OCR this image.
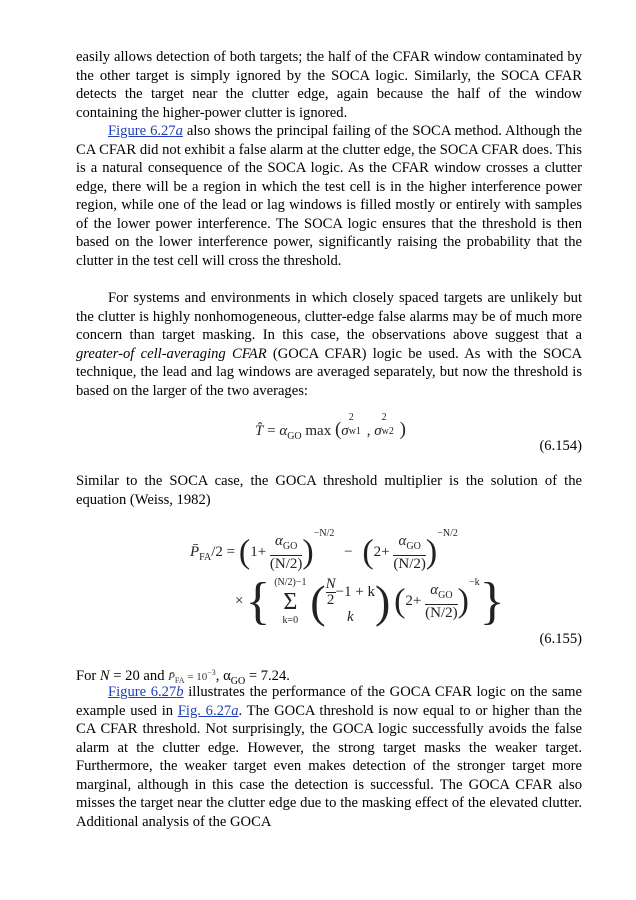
easily allows detection of both targets; the half of the CFAR window contaminated by the other target is simply ignored by the SOCA logic. Similarly, the SOCA CFAR detects the target near the clutter edge, again because the half of the window containing the higher-power clutter is ignored.

Figure 6.27a also shows the principal failing of the SOCA method. Although the CA CFAR did not exhibit a false alarm at the clutter edge, the SOCA CFAR does. This is a natural consequence of the SOCA logic. As the CFAR window crosses a clutter edge, there will be a region in which the test cell is in the higher interference power region, while one of the lead or lag windows is filled mostly or entirely with samples of the lower power interference. The SOCA logic ensures that the threshold is then based on the lower interference power, significantly raising the probability that the clutter in the test cell will cross the threshold.

For systems and environments in which closely spaced targets are unlikely but the clutter is highly nonhomogeneous, clutter-edge false alarms may be of much more concern than target masking. In this case, the observations above suggest that a greater-of cell-averaging CFAR (GOCA CFAR) logic be used. As with the SOCA technique, the lead and lag windows are averaged separately, but now the threshold is based on the larger of the two averages:

T̂ = $\alpha_{GO}$ max (σ
2
w1 , σ
2
w2 )
(6.154)

Similar to the SOCA case, the GOCA threshold multiplier is the solution of the equation (Weiss, 1982)

$P̄_{FA}/2 = (1+ \frac{\alpha_{GO}}{(N/2)} )^{-N/2} - (2+ \frac{\alpha_{GO}}{(N/2)} )^{-N/2}$
×{ (N/2)−1
Σ
k=0 ( $\frac{N}{2} -1 + k$
k ) $(2+ \frac{\alpha_{GO}}{(N/2)} )^{-k}$}
(6.155)

For N = 20 and $P̄_{FA} = 10^{-3}$, $\alpha_{GO} = 7.24$.

Figure 6.27b illustrates the performance of the GOCA CFAR logic on the same example used in Fig. 6.27a. The GOCA threshold is now equal to or higher than the CA CFAR threshold. Not surprisingly, the GOCA logic successfully avoids the false alarm at the clutter edge. However, the strong target masks the weaker target. Furthermore, the weaker target even makes detection of the stronger target more marginal, although in this case the detection is successful. The GOCA CFAR also misses the target near the clutter edge due to the masking effect of the elevated clutter. Additional analysis of the GOCA
